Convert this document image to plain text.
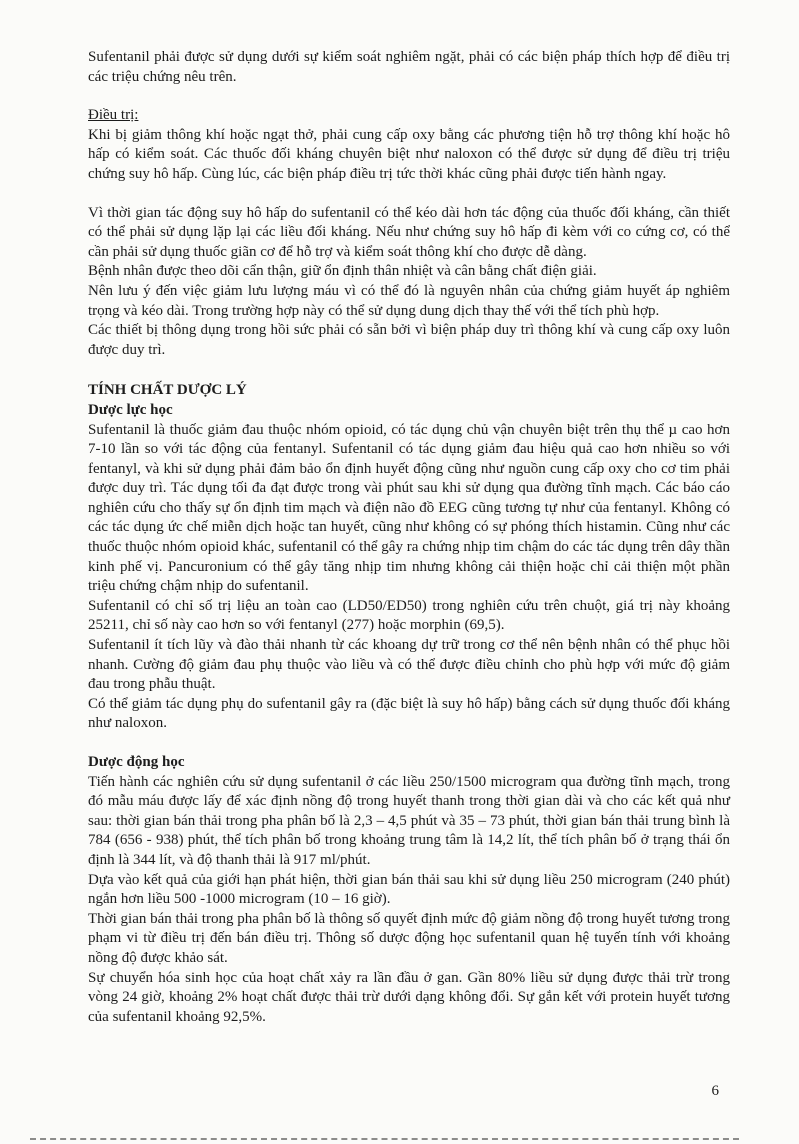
Sufentanil phải được sử dụng dưới sự kiểm soát nghiêm ngặt, phải có các biện pháp thích hợp để điều trị các triệu chứng nêu trên.

Điều trị:

Khi bị giảm thông khí hoặc ngạt thở, phải cung cấp oxy bằng các phương tiện hỗ trợ thông khí hoặc hô hấp có kiểm soát. Các thuốc đối kháng chuyên biệt như naloxon có thể được sử dụng để điều trị triệu chứng suy hô hấp. Cùng lúc, các biện pháp điều trị tức thời khác cũng phải được tiến hành ngay.

Vì thời gian tác động suy hô hấp do sufentanil có thể kéo dài hơn tác động của thuốc đối kháng, cần thiết có thể phải sử dụng lặp lại các liều đối kháng. Nếu như chứng suy hô hấp đi kèm với co cứng cơ, có thể cần phải sử dụng thuốc giãn cơ để hỗ trợ và kiểm soát thông khí cho được dễ dàng.

Bệnh nhân được theo dõi cẩn thận, giữ ổn định thân nhiệt và cân bằng chất điện giải.

Nên lưu ý đến việc giảm lưu lượng máu vì có thể đó là nguyên nhân của chứng giảm huyết áp nghiêm trọng và kéo dài. Trong trường hợp này có thể sử dụng dung dịch thay thế với thể tích phù hợp.

Các thiết bị thông dụng trong hồi sức phải có sẵn bởi vì biện pháp duy trì thông khí và cung cấp oxy luôn được duy trì.

TÍNH CHẤT DƯỢC LÝ

Dược lực học

Sufentanil là thuốc giảm đau thuộc nhóm opioid, có tác dụng chủ vận chuyên biệt trên thụ thể µ cao hơn 7-10 lần so với tác động của fentanyl. Sufentanil có tác dụng giảm đau hiệu quả cao hơn nhiều so với fentanyl, và khi sử dụng phải đảm bảo ổn định huyết động cũng như nguồn cung cấp oxy cho cơ tim phải được duy trì. Tác dụng tối đa đạt được trong vài phút sau khi sử dụng qua đường tĩnh mạch. Các báo cáo nghiên cứu cho thấy sự ổn định tim mạch và điện não đồ EEG cũng tương tự như của fentanyl. Không có các tác dụng ức chế miễn dịch hoặc tan huyết, cũng như không có sự phóng thích histamin. Cũng như các thuốc thuộc nhóm opioid khác, sufentanil có thể gây ra chứng nhịp tim chậm do các tác dụng trên dây thần kinh phế vị. Pancuronium có thể gây tăng nhịp tim nhưng không cải thiện hoặc chỉ cải thiện một phần triệu chứng chậm nhịp do sufentanil.

Sufentanil có chỉ số trị liệu an toàn cao (LD50/ED50) trong nghiên cứu trên chuột, giá trị này khoảng 25211, chỉ số này cao hơn so với fentanyl (277) hoặc morphin (69,5).

Sufentanil ít tích lũy và đào thải nhanh từ các khoang dự trữ trong cơ thể nên bệnh nhân có thể phục hồi nhanh. Cường độ giảm đau phụ thuộc vào liều và có thể được điều chỉnh cho phù hợp với mức độ giảm đau trong phẫu thuật.

Có thể giảm tác dụng phụ do sufentanil gây ra (đặc biệt là suy hô hấp) bằng cách sử dụng thuốc đối kháng như naloxon.

Dược động học

Tiến hành các nghiên cứu sử dụng sufentanil ở các liều 250/1500 microgram qua đường tĩnh mạch, trong đó mẫu máu được lấy để xác định nồng độ trong huyết thanh trong thời gian dài và cho các kết quả như sau: thời gian bán thải trong pha phân bố là 2,3 – 4,5 phút và 35 – 73 phút, thời gian bán thải trung bình là 784 (656 - 938) phút, thể tích phân bố trong khoảng trung tâm là 14,2 lít, thể tích phân bố ở trạng thái ổn định là 344 lít, và độ thanh thải là 917 ml/phút.

Dựa vào kết quả của giới hạn phát hiện, thời gian bán thải sau khi sử dụng liều 250 microgram (240 phút) ngắn hơn liều 500 -1000 microgram (10 – 16 giờ).

Thời gian bán thải trong pha phân bố là thông số quyết định mức độ giảm nồng độ trong huyết tương trong phạm vi từ điều trị đến bán điều trị. Thông số dược động học sufentanil quan hệ tuyến tính với khoảng nồng độ được khảo sát.

Sự chuyển hóa sinh học của hoạt chất xảy ra lần đầu ở gan. Gần 80% liều sử dụng được thải trừ trong vòng 24 giờ, khoảng 2% hoạt chất được thải trừ dưới dạng không đổi. Sự gắn kết với protein huyết tương của sufentanil khoảng 92,5%.

6
